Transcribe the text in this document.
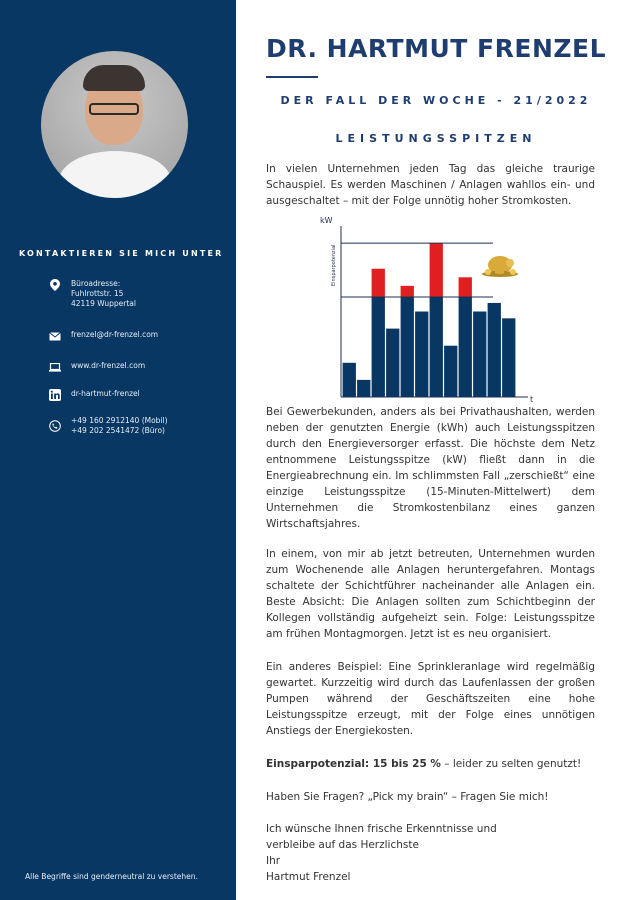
KONTAKTIEREN SIE MICH UNTER
Büroadresse:
Fuhlrottstr. 15
42119 Wuppertal
frenzel@dr-frenzel.com
www.dr-frenzel.com
dr-hartmut-frenzel
+49 160 2912140 (Mobil)
+49 202 2541472 (Büro)
Alle Begriffe sind genderneutral zu verstehen.
DR. HARTMUT FRENZEL
DER FALL DER WOCHE - 21/2022
LEISTUNGSSPITZEN
In vielen Unternehmen jeden Tag das gleiche traurige Schauspiel. Es werden Maschinen / Anlagen wahllos ein- und ausgeschaltet – mit der Folge unnötig hoher Stromkosten.
kW
Einsparpotenzial
t
Bei Gewerbekunden, anders als bei Privathaushalten, werden neben der genutzten Energie (kWh) auch Leistungsspitzen durch den Energieversorger erfasst. Die höchste dem Netz entnommene Leistungsspitze (kW) fließt dann in die Energieabrechnung ein. Im schlimmsten Fall „zerschießt“ eine einzige Leistungsspitze (15-Minuten-Mittelwert) dem Unternehmen die Stromkostenbilanz eines ganzen Wirtschaftsjahres.
In einem, von mir ab jetzt betreuten, Unternehmen wurden zum Wochenende alle Anlagen heruntergefahren. Montags schaltete der Schichtführer nacheinander alle Anlagen ein. Beste Absicht: Die Anlagen sollten zum Schichtbeginn der Kollegen vollständig aufgeheizt sein. Folge: Leistungsspitze am frühen Montagmorgen. Jetzt ist es neu organisiert.
Ein anderes Beispiel: Eine Sprinkleranlage wird regelmäßig gewartet. Kurzzeitig wird durch das Laufenlassen der großen Pumpen während der Geschäftszeiten eine hohe Leistungsspitze erzeugt, mit der Folge eines unnötigen Anstiegs der Energiekosten.
Einsparpotenzial: 15 bis 25 % – leider zu selten genutzt!
Haben Sie Fragen? „Pick my brain“ – Fragen Sie mich!
Ich wünsche Ihnen frische Erkenntnisse und
verbleibe auf das Herzlichste
Ihr
Hartmut Frenzel
